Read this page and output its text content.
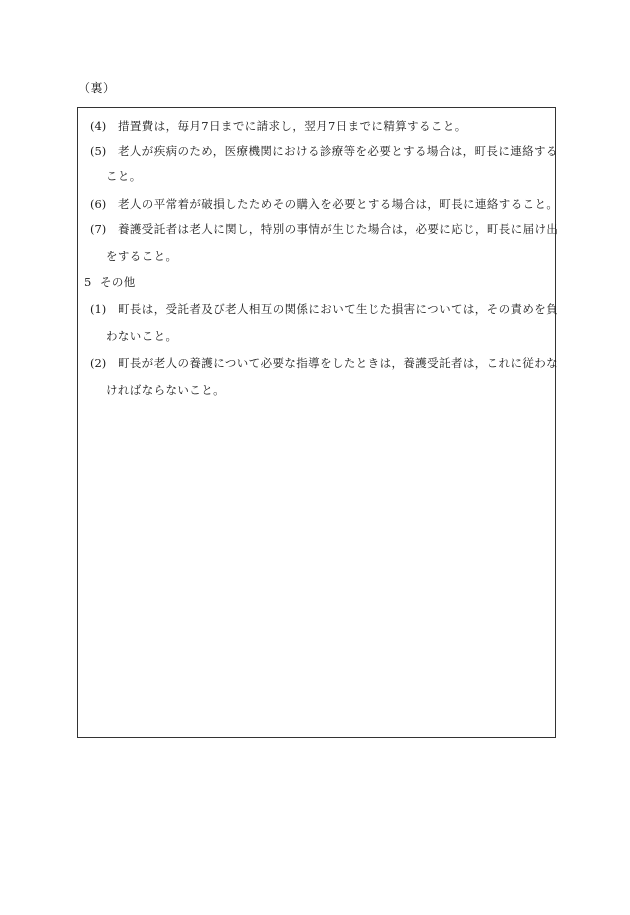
（裏）
(4) 措置費は，毎月7日までに請求し，翌月7日までに精算すること。
(5) 老人が疾病のため，医療機関における診療等を必要とする場合は，町長に連絡する
こと。
(6) 老人の平常着が破損したためその購入を必要とする場合は，町長に連絡すること。
(7) 養護受託者は老人に関し，特別の事情が生じた場合は，必要に応じ，町長に届け出
をすること。
5 その他
(1) 町長は，受託者及び老人相互の関係において生じた損害については，その責めを負
わないこと。
(2) 町長が老人の養護について必要な指導をしたときは，養護受託者は，これに従わな
ければならないこと。
